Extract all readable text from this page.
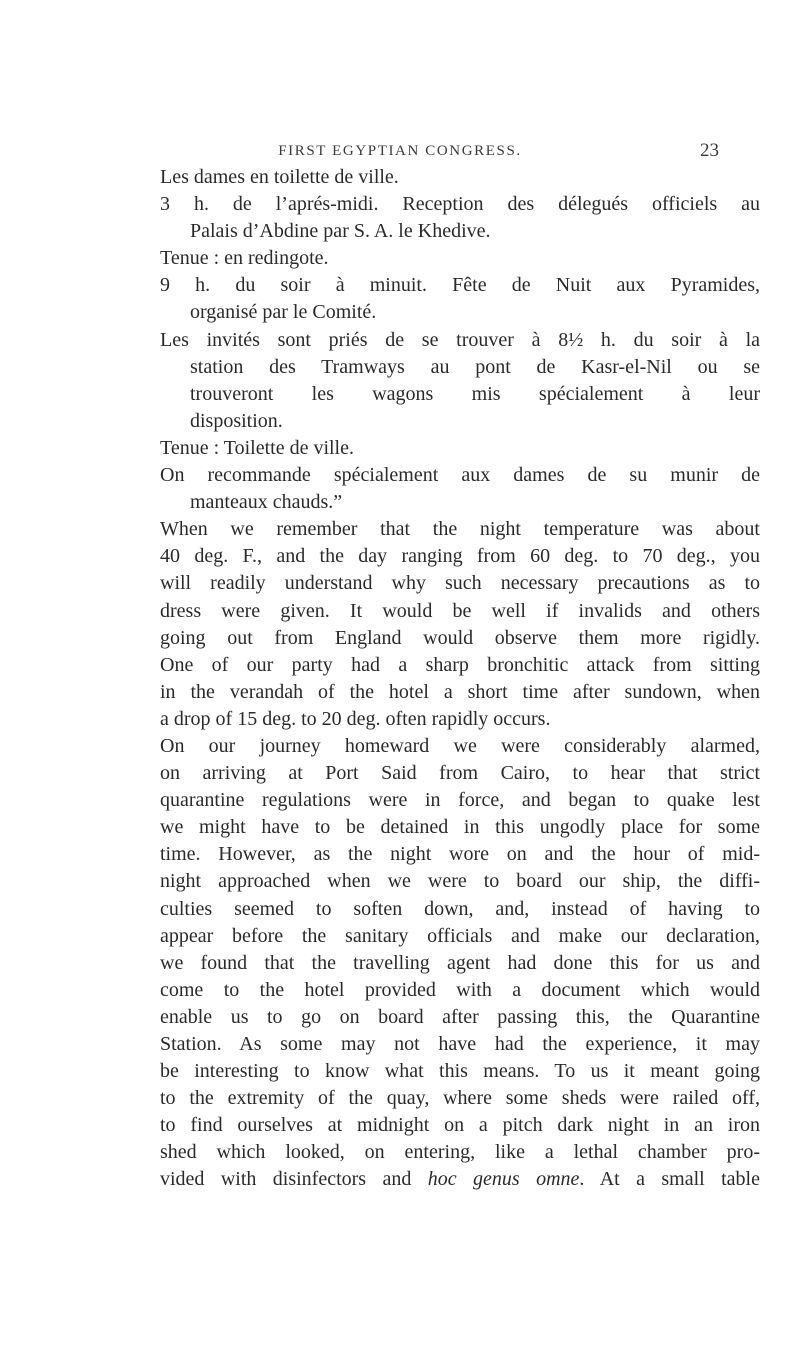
FIRST EGYPTIAN CONGRESS.	23
Les dames en toilette de ville.
3 h. de l’aprés-midi. Reception des délegués officiels au
Palais d’Abdine par S. A. le Khedive.
Tenue : en redingote.
9 h. du soir à minuit. Fête de Nuit aux Pyramides,
organisé par le Comité.
Les invités sont priés de se trouver à 8½ h. du soir à la
station des Tramways au pont de Kasr-el-Nil ou se
trouveront les wagons mis spécialement à leur
disposition.
Tenue : Toilette de ville.
On recommande spécialement aux dames de su munir de
manteaux chauds.”
When we remember that the night temperature was about
40 deg. F., and the day ranging from 60 deg. to 70 deg., you
will readily understand why such necessary precautions as to
dress were given. It would be well if invalids and others
going out from England would observe them more rigidly.
One of our party had a sharp bronchitic attack from sitting
in the verandah of the hotel a short time after sundown, when
a drop of 15 deg. to 20 deg. often rapidly occurs.
On our journey homeward we were considerably alarmed,
on arriving at Port Said from Cairo, to hear that strict
quarantine regulations were in force, and began to quake lest
we might have to be detained in this ungodly place for some
time. However, as the night wore on and the hour of mid-
night approached when we were to board our ship, the diffi-
culties seemed to soften down, and, instead of having to
appear before the sanitary officials and make our declaration,
we found that the travelling agent had done this for us and
come to the hotel provided with a document which would
enable us to go on board after passing this, the Quarantine
Station. As some may not have had the experience, it may
be interesting to know what this means. To us it meant going
to the extremity of the quay, where some sheds were railed off,
to find ourselves at midnight on a pitch dark night in an iron
shed which looked, on entering, like a lethal chamber pro-
vided with disinfectors and hoc genus omne. At a small table
